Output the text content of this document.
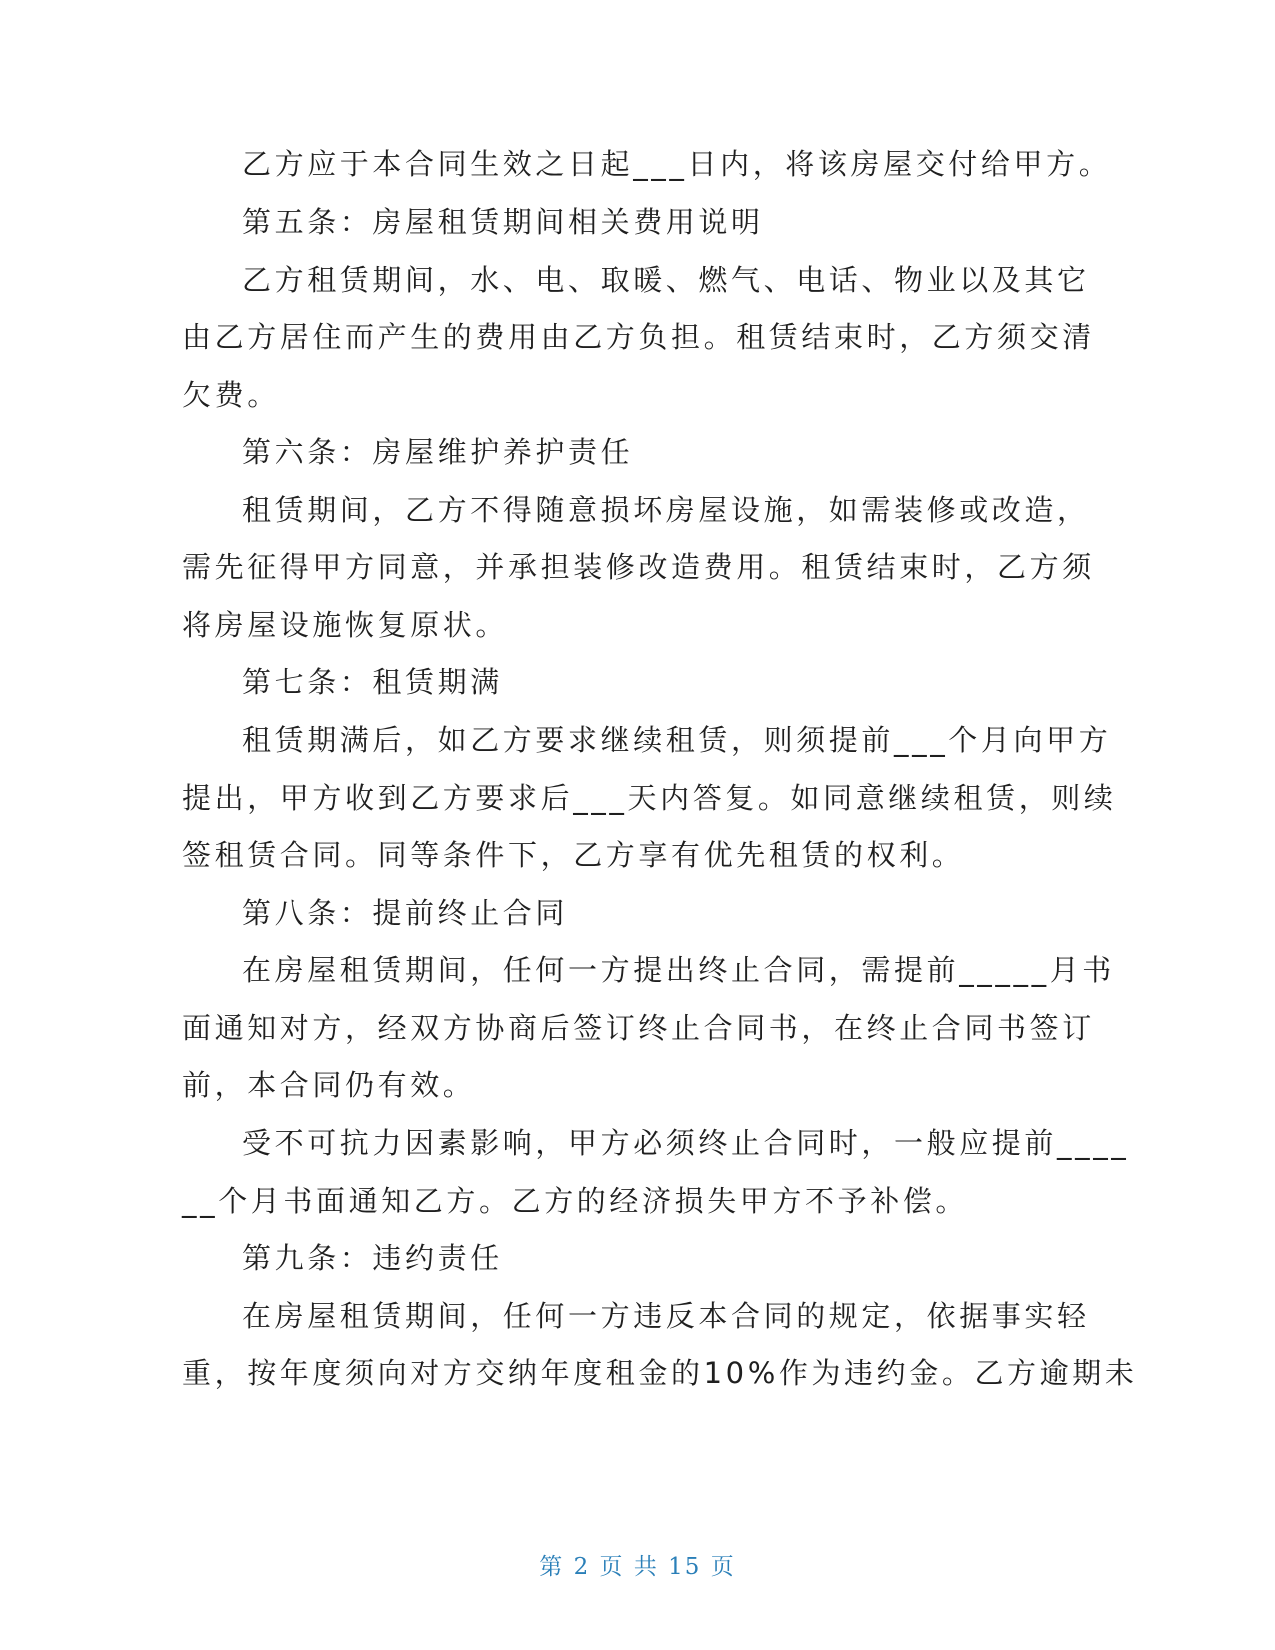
乙方应于本合同生效之日起___日内，将该房屋交付给甲方。
第五条：房屋租赁期间相关费用说明
乙方租赁期间，水、电、取暖、燃气、电话、物业以及其它
由乙方居住而产生的费用由乙方负担。租赁结束时，乙方须交清
欠费。
第六条：房屋维护养护责任
租赁期间，乙方不得随意损坏房屋设施，如需装修或改造，
需先征得甲方同意，并承担装修改造费用。租赁结束时，乙方须
将房屋设施恢复原状。
第七条：租赁期满
租赁期满后，如乙方要求继续租赁，则须提前___个月向甲方
提出，甲方收到乙方要求后___天内答复。如同意继续租赁，则续
签租赁合同。同等条件下，乙方享有优先租赁的权利。
第八条：提前终止合同
在房屋租赁期间，任何一方提出终止合同，需提前_____月书
面通知对方，经双方协商后签订终止合同书，在终止合同书签订
前，本合同仍有效。
受不可抗力因素影响，甲方必须终止合同时，一般应提前____
__个月书面通知乙方。乙方的经济损失甲方不予补偿。
第九条：违约责任
在房屋租赁期间，任何一方违反本合同的规定，依据事实轻
重，按年度须向对方交纳年度租金的10%作为违约金。乙方逾期未
第 2 页 共 15 页
